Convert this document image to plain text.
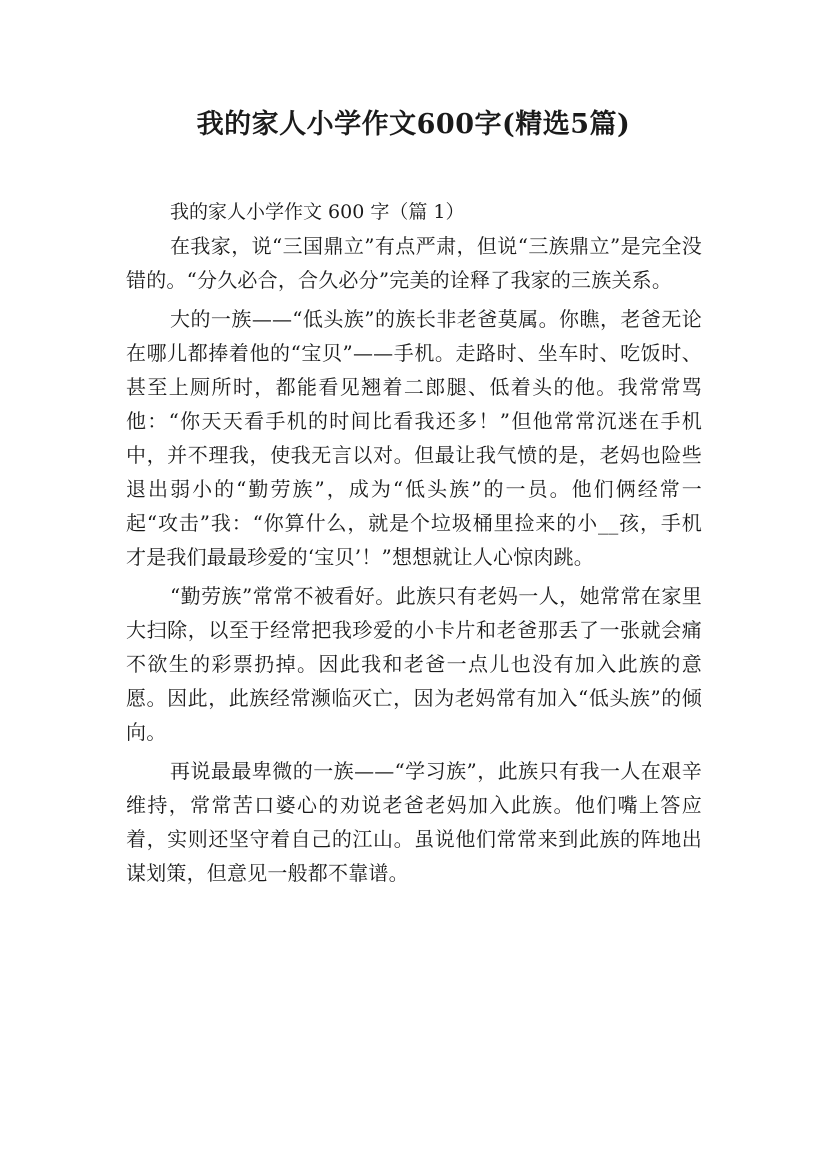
我的家人小学作文600字(精选5篇)

我的家人小学作文 600 字（篇 1）

在我家，说“三国鼎立”有点严肃，但说“三族鼎立”是完全没错的。“分久必合，合久必分”完美的诠释了我家的三族关系。

大的一族——“低头族”的族长非老爸莫属。你瞧，老爸无论在哪儿都捧着他的“宝贝”——手机。走路时、坐车时、吃饭时、甚至上厕所时，都能看见翘着二郎腿、低着头的他。我常常骂他：“你天天看手机的时间比看我还多！”但他常常沉迷在手机中，并不理我，使我无言以对。但最让我气愤的是，老妈也险些退出弱小的“勤劳族”，成为“低头族”的一员。他们俩经常一起“攻击”我：“你算什么，就是个垃圾桶里捡来的小__孩，手机才是我们最最珍爱的‘宝贝’！”想想就让人心惊肉跳。

“勤劳族”常常不被看好。此族只有老妈一人，她常常在家里大扫除，以至于经常把我珍爱的小卡片和老爸那丢了一张就会痛不欲生的彩票扔掉。因此我和老爸一点儿也没有加入此族的意愿。因此，此族经常濒临灭亡，因为老妈常有加入“低头族”的倾向。

再说最最卑微的一族——“学习族”，此族只有我一人在艰辛维持，常常苦口婆心的劝说老爸老妈加入此族。他们嘴上答应着，实则还坚守着自己的江山。虽说他们常常来到此族的阵地出谋划策，但意见一般都不靠谱。
